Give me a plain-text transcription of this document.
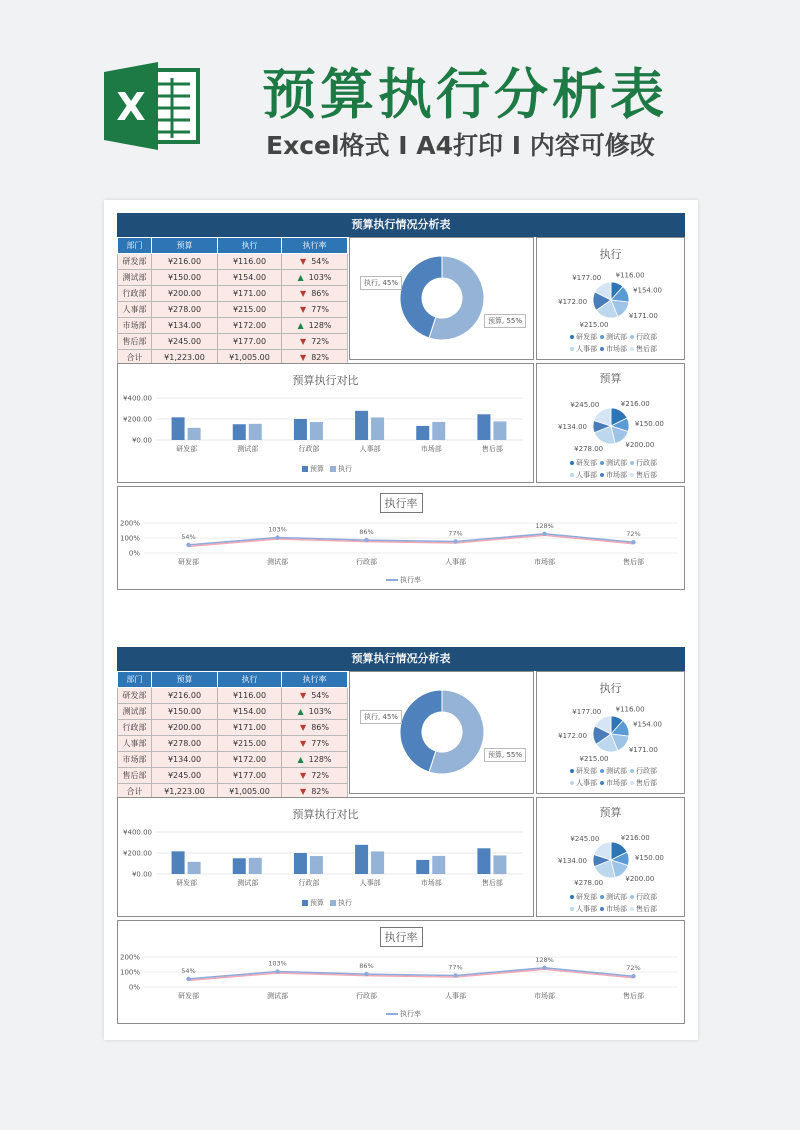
X 预算执行分析表
Excel格式 I A4打印 I 内容可修改
预算执行情况分析表
部门	预算	执行	执行率
研发部	¥216.00	¥116.00	▼ 54%
测试部	¥150.00	¥154.00	▲ 103%
行政部	¥200.00	¥171.00	▼ 86%
人事部	¥278.00	¥215.00	▼ 77%
市场部	¥134.00	¥172.00	▲ 128%
售后部	¥245.00	¥177.00	▼ 72%
合计	¥1,223.00	¥1,005.00	▼ 82%
执行, 45%
预算, 55%
执行
¥116.00
¥154.00
¥171.00
¥215.00
¥172.00
¥177.00
研发部 测试部 行政部
人事部 市场部 售后部
预算执行对比
¥400.00
¥200.00
¥0.00
研发部	测试部	行政部	人事部	市场部	售后部
预算 执行
预算
¥216.00
¥150.00
¥200.00
¥278.00
¥134.00
¥245.00
研发部 测试部 行政部
人事部 市场部 售后部
执行率
200%
100%
0%
54%
研发部
103%
测试部
86%
行政部
77%
人事部
128%
市场部
72%
售后部
执行率
预算执行情况分析表
部门	预算	执行	执行率
研发部	¥216.00	¥116.00	▼ 54%
测试部	¥150.00	¥154.00	▲ 103%
行政部	¥200.00	¥171.00	▼ 86%
人事部	¥278.00	¥215.00	▼ 77%
市场部	¥134.00	¥172.00	▲ 128%
售后部	¥245.00	¥177.00	▼ 72%
合计	¥1,223.00	¥1,005.00	▼ 82%
执行, 45%
预算, 55%
执行
¥116.00
¥154.00
¥171.00
¥215.00
¥172.00
¥177.00
研发部 测试部 行政部
人事部 市场部 售后部
预算执行对比
¥400.00
¥200.00
¥0.00
研发部	测试部	行政部	人事部	市场部	售后部
预算 执行
预算
¥216.00
¥150.00
¥200.00
¥278.00
¥134.00
¥245.00
研发部 测试部 行政部
人事部 市场部 售后部
执行率
200%
100%
0%
54%
研发部
103%
测试部
86%
行政部
77%
人事部
128%
市场部
72%
售后部
执行率
